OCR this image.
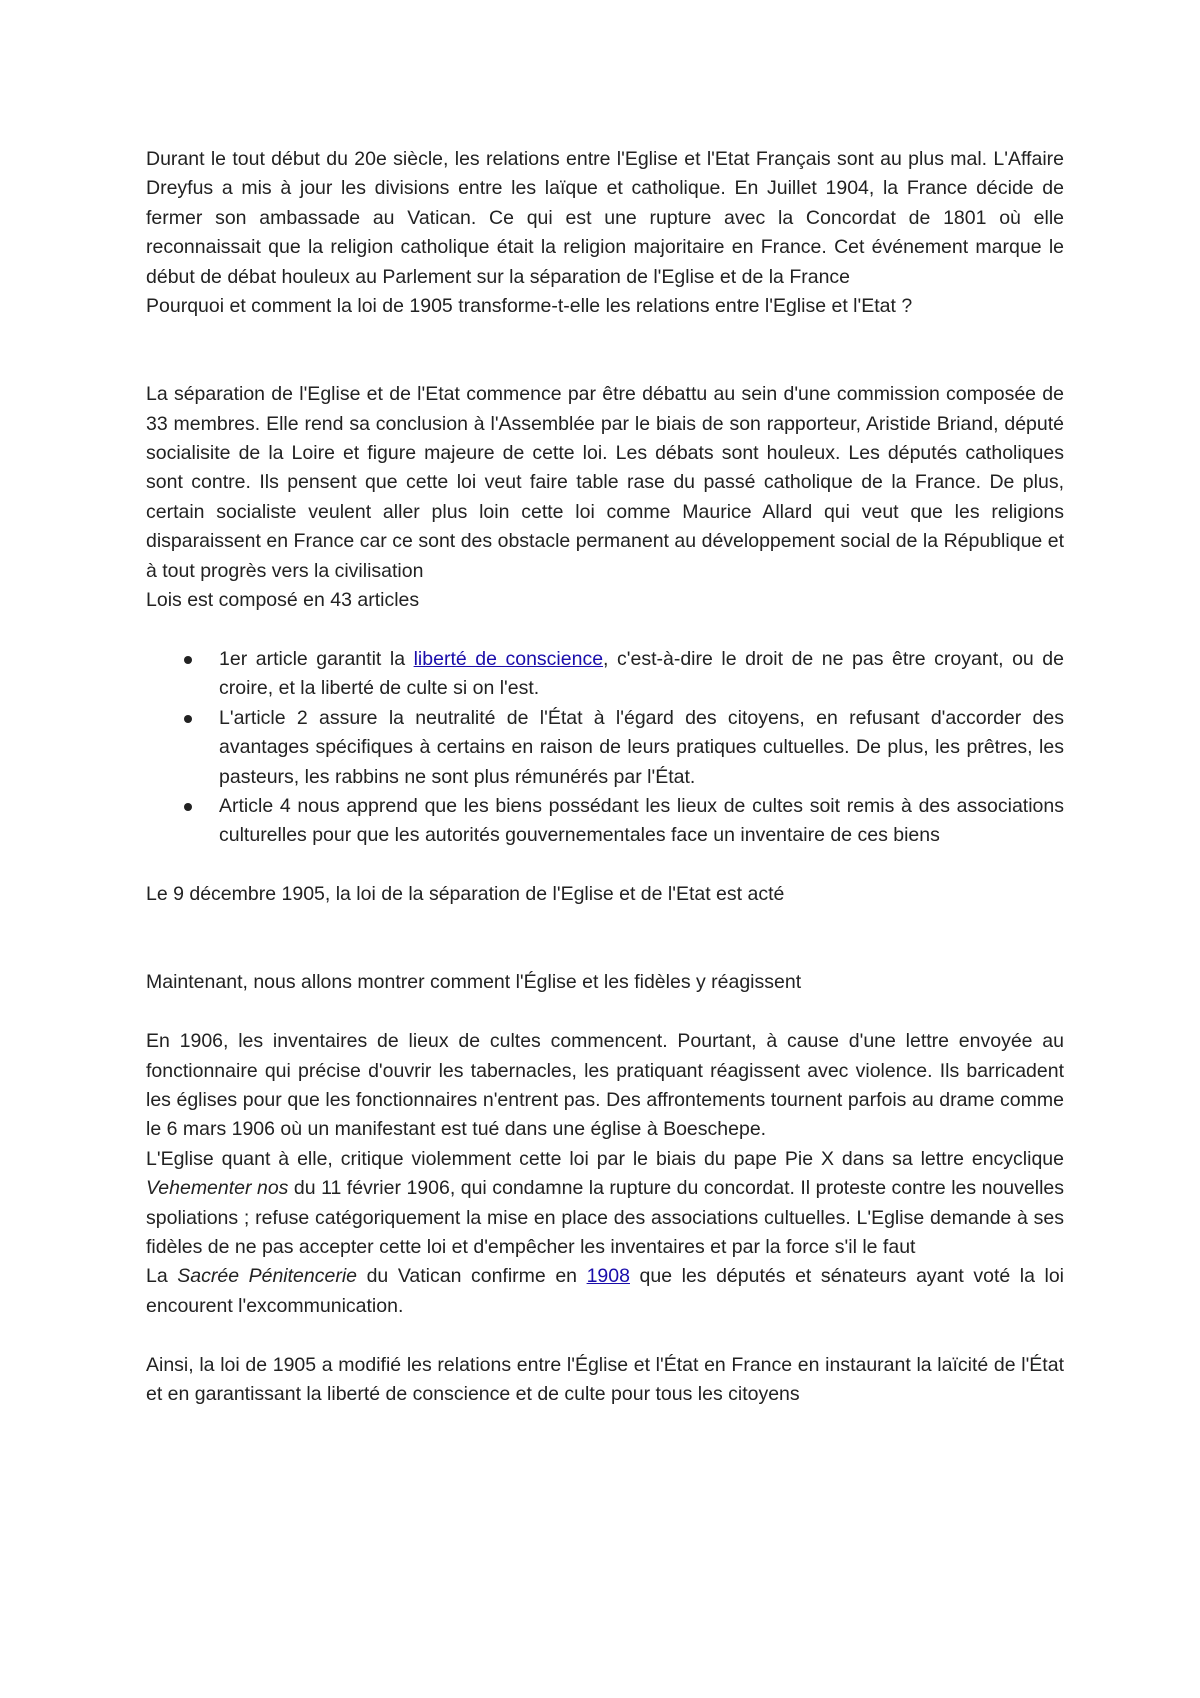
Durant le tout début du 20e siècle, les relations entre l'Eglise et l'Etat Français sont au plus mal. L'Affaire Dreyfus a mis à jour les divisions entre les laïque et catholique. En Juillet 1904, la France décide de fermer son ambassade au Vatican. Ce qui est une rupture avec la Concordat de 1801 où elle reconnaissait que la religion catholique était la religion majoritaire en France. Cet événement marque le début de débat houleux au Parlement sur la séparation de l'Eglise et de la France

Pourquoi et comment la loi de 1905 transforme-t-elle les relations entre l'Eglise et l'Etat ?

La séparation de l'Eglise et de l'Etat commence par être débattu au sein d'une commission composée de 33 membres. Elle rend sa conclusion à l'Assemblée par le biais de son rapporteur, Aristide Briand, député socialisite de la Loire et figure majeure de cette loi. Les débats sont houleux. Les députés catholiques sont contre. Ils pensent que cette loi veut faire table rase du passé catholique de la France. De plus, certain socialiste veulent aller plus loin cette loi comme Maurice Allard qui veut que les religions disparaissent en France car ce sont des obstacle permanent au développement social de la République et à tout progrès vers la civilisation

Lois est composé en 43 articles

1er article garantit la liberté de conscience, c'est-à-dire le droit de ne pas être croyant, ou de croire, et la liberté de culte si on l'est.
L'article 2 assure la neutralité de l'État à l'égard des citoyens, en refusant d'accorder des avantages spécifiques à certains en raison de leurs pratiques cultuelles. De plus, les prêtres, les pasteurs, les rabbins ne sont plus rémunérés par l'État.
Article 4 nous apprend que les biens possédant les lieux de cultes soit remis à des associations culturelles pour que les autorités gouvernementales face un inventaire de ces biens

Le 9 décembre 1905, la loi de la séparation de l'Eglise et de l'Etat est acté

Maintenant, nous allons montrer comment l'Église et les fidèles y réagissent

En 1906, les inventaires de lieux de cultes commencent. Pourtant, à cause d'une lettre envoyée au fonctionnaire qui précise d'ouvrir les tabernacles, les pratiquant réagissent avec violence. Ils barricadent les églises pour que les fonctionnaires n'entrent pas. Des affrontements tournent parfois au drame comme le 6 mars 1906 où un manifestant est tué dans une église à Boeschepe.

L'Eglise quant à elle, critique violemment cette loi par le biais du pape Pie X dans sa lettre encyclique Vehementer nos du 11 février 1906, qui condamne la rupture du concordat. Il proteste contre les nouvelles spoliations ; refuse catégoriquement la mise en place des associations cultuelles. L'Eglise demande à ses fidèles de ne pas accepter cette loi et d'empêcher les inventaires et par la force s'il le faut

La Sacrée Pénitencerie du Vatican confirme en 1908 que les députés et sénateurs ayant voté la loi encourent l'excommunication.

Ainsi, la loi de 1905 a modifié les relations entre l'Église et l'État en France en instaurant la laïcité de l'État et en garantissant la liberté de conscience et de culte pour tous les citoyens
